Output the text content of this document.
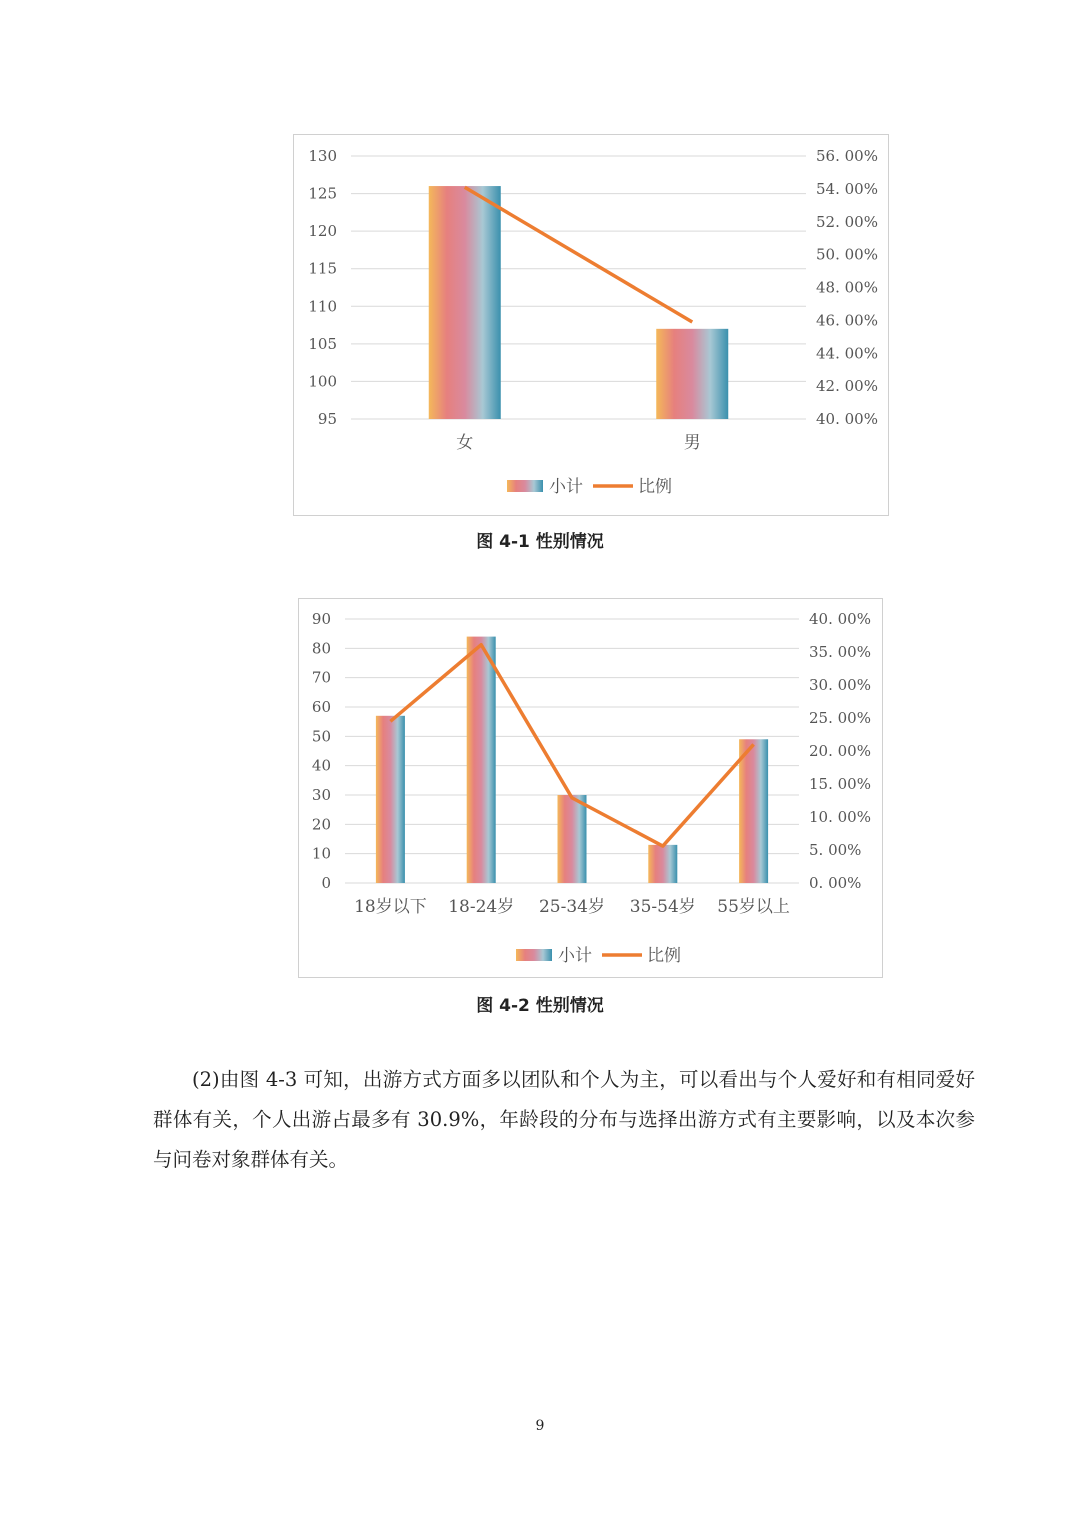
95
100
105
110
115
120
125
130
40. 00%
42. 00%
44. 00%
46. 00%
48. 00%
50. 00%
52. 00%
54. 00%
56. 00%
女	男
小计	比例
图 4-1 性别情况
0
10
20
30
40
50
60
70
80
90
0. 00%
5. 00%
10. 00%
15. 00%
20. 00%
25. 00%
30. 00%
35. 00%
40. 00%
18岁以下 18-24岁 25-34岁 35-54岁 55岁以上
小计	比例
图 4-2 性别情况
(2)由图 4-3 可知，出游方式方面多以团队和个人为主，可以看出与个人爱好和有相同爱好群体有关，个人出游占最多有 30.9%，年龄段的分布与选择出游方式有主要影响，以及本次参与问卷对象群体有关。
9
